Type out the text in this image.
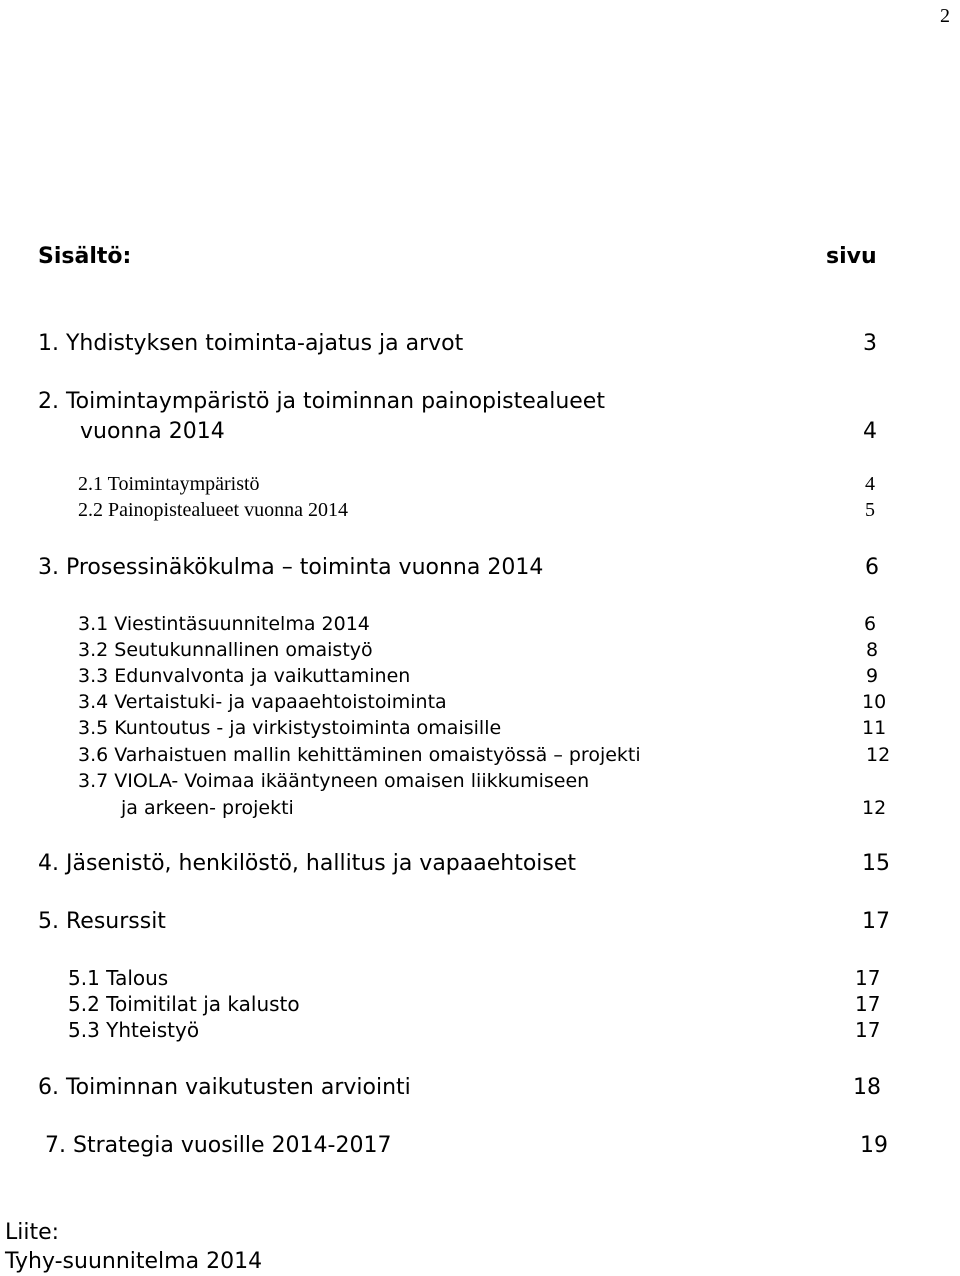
2
Sisältö:	sivu
1. Yhdistyksen toiminta-ajatus ja arvot	3
2. Toimintaympäristö ja toiminnan painopistealueet
vuonna 2014	4
2.1 Toimintaympäristö	4
2.2 Painopistealueet vuonna 2014	5
3. Prosessinäkökulma – toiminta vuonna 2014	6
3.1 Viestintäsuunnitelma 2014	6
3.2 Seutukunnallinen omaistyö	8
3.3 Edunvalvonta ja vaikuttaminen	9
3.4 Vertaistuki- ja vapaaehtoistoiminta	10
3.5 Kuntoutus - ja virkistystoiminta omaisille	11
3.6 Varhaistuen mallin kehittäminen omaistyössä – projekti	12
3.7 VIOLA- Voimaa ikääntyneen omaisen liikkumiseen
ja arkeen- projekti	12
4. Jäsenistö, henkilöstö, hallitus ja vapaaehtoiset	15
5. Resurssit	17
5.1 Talous	17
5.2 Toimitilat ja kalusto	17
5.3 Yhteistyö	17
6. Toiminnan vaikutusten arviointi	18
7. Strategia vuosille 2014-2017	19
Liite:
Tyhy-suunnitelma 2014
